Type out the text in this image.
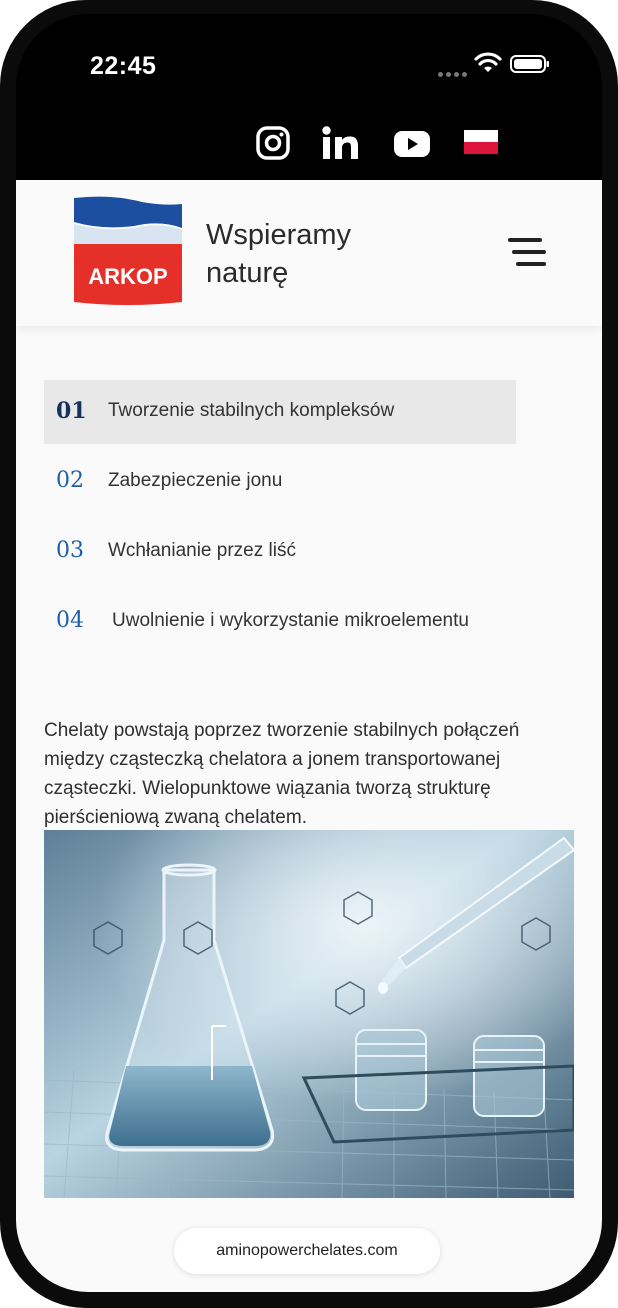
22:45
ARKOP
Wspieramy
naturę
01 Tworzenie stabilnych kompleksów
02 Zabezpieczenie jonu
03 Wchłanianie przez liść
04 Uwolnienie i wykorzystanie mikroelementu

Chelaty powstają poprzez tworzenie stabilnych połączeń między cząsteczką chelatora a jonem transportowanej cząsteczki. Wielopunktowe wiązania tworzą strukturę pierścieniową zwaną chelatem.

aminopowerchelates.com
